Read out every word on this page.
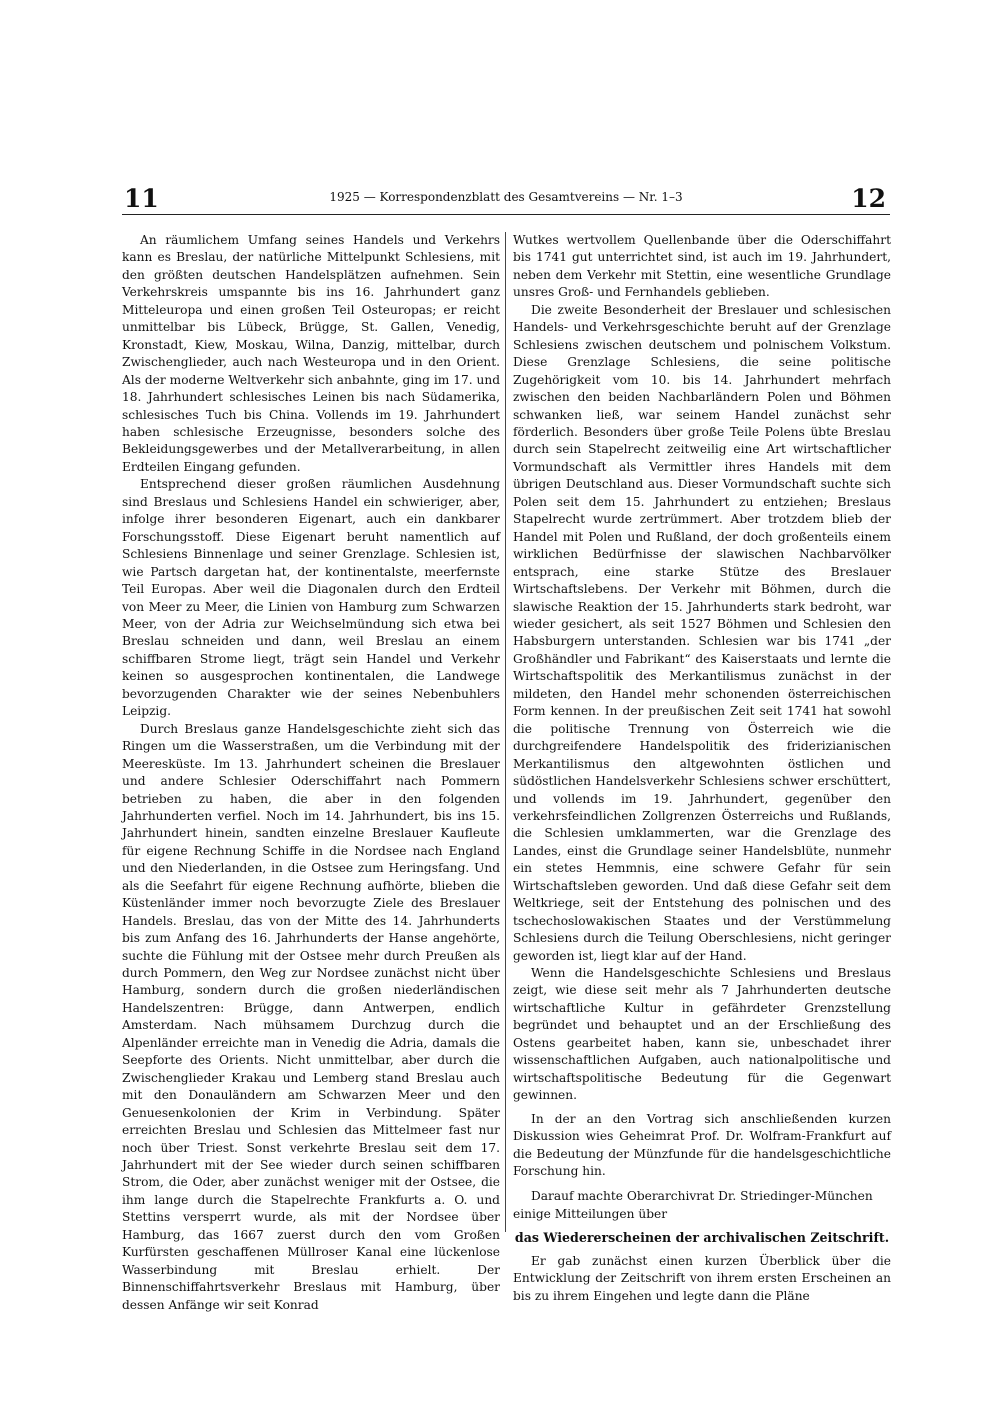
11	1925 — Korrespondenzblatt des Gesamtvereins — Nr. 1–3	12

An räumlichem Umfang seines Handels und Verkehrs kann es Breslau, der natürliche Mittelpunkt Schlesiens, mit den größten deutschen Handelsplätzen aufnehmen. Sein Verkehrskreis umspannte bis ins 16. Jahrhundert ganz Mitteleuropa und einen großen Teil Osteuropas; er reicht unmittelbar bis Lübeck, Brügge, St. Gallen, Venedig, Kronstadt, Kiew, Moskau, Wilna, Danzig, mittelbar, durch Zwischenglieder, auch nach Westeuropa und in den Orient. Als der moderne Weltverkehr sich anbahnte, ging im 17. und 18. Jahrhundert schlesisches Leinen bis nach Südamerika, schlesisches Tuch bis China. Vollends im 19. Jahrhundert haben schlesische Erzeugnisse, besonders solche des Bekleidungsgewerbes und der Metallverarbeitung, in allen Erdteilen Eingang gefunden.

Entsprechend dieser großen räumlichen Ausdehnung sind Breslaus und Schlesiens Handel ein schwieriger, aber, infolge ihrer besonderen Eigenart, auch ein dankbarer Forschungsstoff. Diese Eigenart beruht namentlich auf Schlesiens Binnenlage und seiner Grenzlage. Schlesien ist, wie Partsch dargetan hat, der kontinentalste, meerfernste Teil Europas. Aber weil die Diagonalen durch den Erdteil von Meer zu Meer, die Linien von Hamburg zum Schwarzen Meer, von der Adria zur Weichselmündung sich etwa bei Breslau schneiden und dann, weil Breslau an einem schiffbaren Strome liegt, trägt sein Handel und Verkehr keinen so ausgesprochen kontinentalen, die Landwege bevorzugenden Charakter wie der seines Nebenbuhlers Leipzig.

Durch Breslaus ganze Handelsgeschichte zieht sich das Ringen um die Wasserstraßen, um die Verbindung mit der Meeresküste. Im 13. Jahrhundert scheinen die Breslauer und andere Schlesier Oderschiffahrt nach Pommern betrieben zu haben, die aber in den folgenden Jahrhunderten verfiel. Noch im 14. Jahrhundert, bis ins 15. Jahrhundert hinein, sandten einzelne Breslauer Kaufleute für eigene Rechnung Schiffe in die Nordsee nach England und den Niederlanden, in die Ostsee zum Heringsfang. Und als die Seefahrt für eigene Rechnung aufhörte, blieben die Küstenländer immer noch bevorzugte Ziele des Breslauer Handels. Breslau, das von der Mitte des 14. Jahrhunderts bis zum Anfang des 16. Jahrhunderts der Hanse angehörte, suchte die Fühlung mit der Ostsee mehr durch Preußen als durch Pommern, den Weg zur Nordsee zunächst nicht über Hamburg, sondern durch die großen niederländischen Handelszentren: Brügge, dann Antwerpen, endlich Amsterdam. Nach mühsamem Durchzug durch die Alpenländer erreichte man in Venedig die Adria, damals die Seepforte des Orients. Nicht unmittelbar, aber durch die Zwischenglieder Krakau und Lemberg stand Breslau auch mit den Donauländern am Schwarzen Meer und den Genuesenkolonien der Krim in Verbindung. Später erreichten Breslau und Schlesien das Mittelmeer fast nur noch über Triest. Sonst verkehrte Breslau seit dem 17. Jahrhundert mit der See wieder durch seinen schiffbaren Strom, die Oder, aber zunächst weniger mit der Ostsee, die ihm lange durch die Stapelrechte Frankfurts a. O. und Stettins versperrt wurde, als mit der Nordsee über Hamburg, das 1667 zuerst durch den vom Großen Kurfürsten geschaffenen Müllroser Kanal eine lückenlose Wasserbindung mit Breslau erhielt. Der Binnenschiffahrtsverkehr Breslaus mit Hamburg, über dessen Anfänge wir seit Konrad

Wutkes wertvollem Quellenbande über die Oderschiffahrt bis 1741 gut unterrichtet sind, ist auch im 19. Jahrhundert, neben dem Verkehr mit Stettin, eine wesentliche Grundlage unsres Groß- und Fernhandels geblieben.

Die zweite Besonderheit der Breslauer und schlesischen Handels- und Verkehrsgeschichte beruht auf der Grenzlage Schlesiens zwischen deutschem und polnischem Volkstum. Diese Grenzlage Schlesiens, die seine politische Zugehörigkeit vom 10. bis 14. Jahrhundert mehrfach zwischen den beiden Nachbarländern Polen und Böhmen schwanken ließ, war seinem Handel zunächst sehr förderlich. Besonders über große Teile Polens übte Breslau durch sein Stapelrecht zeitweilig eine Art wirtschaftlicher Vormundschaft als Vermittler ihres Handels mit dem übrigen Deutschland aus. Dieser Vormundschaft suchte sich Polen seit dem 15. Jahrhundert zu entziehen; Breslaus Stapelrecht wurde zertrümmert. Aber trotzdem blieb der Handel mit Polen und Rußland, der doch großenteils einem wirklichen Bedürfnisse der slawischen Nachbarvölker entsprach, eine starke Stütze des Breslauer Wirtschaftslebens. Der Verkehr mit Böhmen, durch die slawische Reaktion der 15. Jahrhunderts stark bedroht, war wieder gesichert, als seit 1527 Böhmen und Schlesien den Habsburgern unterstanden. Schlesien war bis 1741 „der Großhändler und Fabrikant“ des Kaiserstaats und lernte die Wirtschaftspolitik des Merkantilismus zunächst in der mildeten, den Handel mehr schonenden österreichischen Form kennen. In der preußischen Zeit seit 1741 hat sowohl die politische Trennung von Österreich wie die durchgreifendere Handelspolitik des friderizianischen Merkantilismus den altgewohnten östlichen und südöstlichen Handelsverkehr Schlesiens schwer erschüttert, und vollends im 19. Jahrhundert, gegenüber den verkehrsfeindlichen Zollgrenzen Österreichs und Rußlands, die Schlesien umklammerten, war die Grenzlage des Landes, einst die Grundlage seiner Handelsblüte, nunmehr ein stetes Hemmnis, eine schwere Gefahr für sein Wirtschaftsleben geworden. Und daß diese Gefahr seit dem Weltkriege, seit der Entstehung des polnischen und des tschechoslowakischen Staates und der Verstümmelung Schlesiens durch die Teilung Oberschlesiens, nicht geringer geworden ist, liegt klar auf der Hand.

Wenn die Handelsgeschichte Schlesiens und Breslaus zeigt, wie diese seit mehr als 7 Jahrhunderten deutsche wirtschaftliche Kultur in gefährdeter Grenzstellung begründet und behauptet und an der Erschließung des Ostens gearbeitet haben, kann sie, unbeschadet ihrer wissenschaftlichen Aufgaben, auch nationalpolitische und wirtschaftspolitische Bedeutung für die Gegenwart gewinnen.

In der an den Vortrag sich anschließenden kurzen Diskussion wies Geheimrat Prof. Dr. Wolfram-Frankfurt auf die Bedeutung der Münzfunde für die handelsgeschichtliche Forschung hin.

Darauf machte Oberarchivrat Dr. Striedinger-München einige Mitteilungen über

das Wiedererscheinen der archivalischen Zeitschrift.

Er gab zunächst einen kurzen Überblick über die Entwicklung der Zeitschrift von ihrem ersten Erscheinen an bis zu ihrem Eingehen und legte dann die Pläne
